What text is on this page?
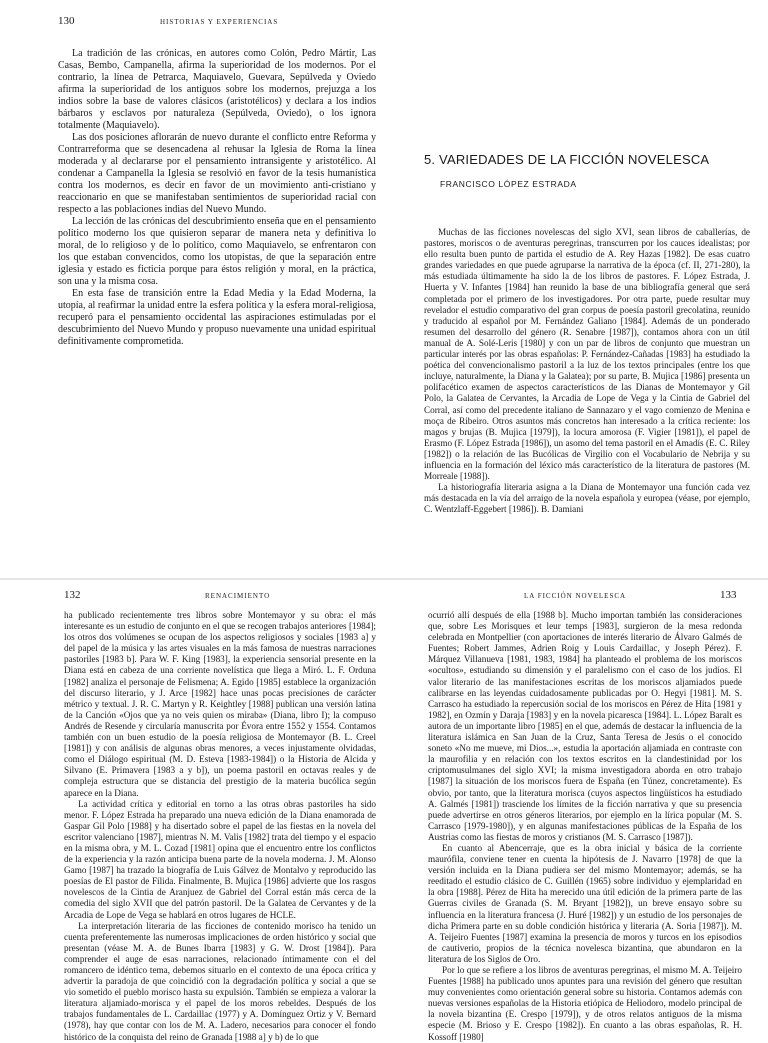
130	HISTORIAS Y EXPERIENCIAS

La tradición de las crónicas, en autores como Colón, Pedro Mártir, Las Casas, Bembo, Campanella, afirma la superioridad de los modernos. Por el contrario, la línea de Petrarca, Maquiavelo, Guevara, Sepúlveda y Oviedo afirma la superioridad de los antiguos sobre los modernos, prejuzga a los indios sobre la base de valores clásicos (aristotélicos) y declara a los indios bárbaros y esclavos por naturaleza (Sepúlveda, Oviedo), o los ignora totalmente (Maquiavelo).

Las dos posiciones aflorarán de nuevo durante el conflicto entre Reforma y Contrarreforma que se desencadena al rehusar la Iglesia de Roma la línea moderada y al declararse por el pensamiento intransigente y aristotélico. Al condenar a Campanella la Iglesia se resolvió en favor de la tesis humanística contra los modernos, es decir en favor de un movimiento anti-cristiano y reaccionario en que se manifestaban sentimientos de superioridad racial con respecto a las poblaciones indias del Nuevo Mundo.

La lección de las crónicas del descubrimiento enseña que en el pensamiento político moderno los que quisieron separar de manera neta y definitiva lo moral, de lo religioso y de lo político, como Maquiavelo, se enfrentaron con los que estaban convencidos, como los utopistas, de que la separación entre iglesia y estado es ficticia porque para éstos religión y moral, en la práctica, son una y la misma cosa.

En esta fase de transición entre la Edad Media y la Edad Moderna, la utopía, al reafirmar la unidad entre la esfera política y la esfera moral-religiosa, recuperó para el pensamiento occidental las aspiraciones estimuladas por el descubrimiento del Nuevo Mundo y propuso nuevamente una unidad espiritual definitivamente comprometida.

5. VARIEDADES DE LA FICCIÓN NOVELESCA
FRANCISCO LÓPEZ ESTRADA

Muchas de las ficciones novelescas del siglo XVI, sean libros de caballerías, de pastores, moriscos o de aventuras peregrinas, transcurren por los cauces idealistas; por ello resulta buen punto de partida el estudio de A. Rey Hazas [1982]. De esas cuatro grandes variedades en que puede agruparse la narrativa de la época (cf. II, 271-280), la más estudiada últimamente ha sido la de los libros de pastores. F. López Estrada, J. Huerta y V. Infantes [1984] han reunido la base de una bibliografía general que será completada por el primero de los investigadores. Por otra parte, puede resultar muy revelador el estudio comparativo del gran corpus de poesía pastoril grecolatina, reunido y traducido al español por M. Fernández Galiano [1984]. Además de un ponderado resumen del desarrollo del género (R. Senabre [1987]), contamos ahora con un útil manual de A. Solé-Leris [1980] y con un par de libros de conjunto que muestran un particular interés por las obras españolas: P. Fernández-Cañadas [1983] ha estudiado la poética del convencionalismo pastoril a la luz de los textos principales (entre los que incluye, naturalmente, la Diana y la Galatea); por su parte, B. Mujica [1986] presenta un polifacético examen de aspectos característicos de las Dianas de Montemayor y Gil Polo, la Galatea de Cervantes, la Arcadia de Lope de Vega y la Cintia de Gabriel del Corral, así como del precedente italiano de Sannazaro y el vago comienzo de Menina e moça de Ribeiro. Otros asuntos más concretos han interesado a la crítica reciente: los magos y brujas (B. Mujica [1979]), la locura amorosa (F. Vigier [1981]), el papel de Erasmo (F. López Estrada [1986]), un asomo del tema pastoril en el Amadís (E. C. Riley [1982]) o la relación de las Bucólicas de Virgilio con el Vocabulario de Nebrija y su influencia en la formación del léxico más característico de la literatura de pastores (M. Morreale [1988]).

La historiografía literaria asigna a la Diana de Montemayor una función cada vez más destacada en la vía del arraigo de la novela española y europea (véase, por ejemplo, C. Wentzlaff-Eggebert [1986]). B. Damiani

132	RENACIMIENTO

ha publicado recientemente tres libros sobre Montemayor y su obra: el más interesante es un estudio de conjunto en el que se recogen trabajos anteriores [1984]; los otros dos volúmenes se ocupan de los aspectos religiosos y sociales [1983 a] y del papel de la música y las artes visuales en la más famosa de nuestras narraciones pastoriles [1983 b]. Para W. F. King [1983], la experiencia sensorial presente en la Diana está en cabeza de una corriente novelística que llega a Miró. L. F. Orduna [1982] analiza el personaje de Felismena; A. Egido [1985] establece la organización del discurso literario, y J. Arce [1982] hace unas pocas precisiones de carácter métrico y textual. J. R. C. Martyn y R. Keightley [1988] publican una versión latina de la Canción «Ojos que ya no veis quien os miraba» (Diana, libro I); la compuso Andrés de Resende y circularía manuscrita por Évora entre 1552 y 1554. Contamos también con un buen estudio de la poesía religiosa de Montemayor (B. L. Creel [1981]) y con análisis de algunas obras menores, a veces injustamente olvidadas, como el Diálogo espiritual (M. D. Esteva [1983-1984]) o la Historia de Alcida y Silvano (E. Primavera [1983 a y b]), un poema pastoril en octavas reales y de compleja estructura que se distancia del prestigio de la materia bucólica según aparece en la Diana.

La actividad crítica y editorial en torno a las otras obras pastoriles ha sido menor. F. López Estrada ha preparado una nueva edición de la Diana enamorada de Gaspar Gil Polo [1988] y ha disertado sobre el papel de las fiestas en la novela del escritor valenciano [1987], mientras N. M. Valis [1982] trata del tiempo y el espacio en la misma obra, y M. L. Cozad [1981] opina que el encuentro entre los conflictos de la experiencia y la razón anticipa buena parte de la novela moderna. J. M. Alonso Gamo [1987] ha trazado la biografía de Luis Gálvez de Montalvo y reproducido las poesías de El pastor de Fílida. Finalmente, B. Mujica [1986] advierte que los rasgos novelescos de la Cintia de Aranjuez de Gabriel del Corral están más cerca de la comedia del siglo XVII que del patrón pastoril. De la Galatea de Cervantes y de la Arcadia de Lope de Vega se hablará en otros lugares de HCLE.

La interpretación literaria de las ficciones de contenido morisco ha tenido un cuenta preferentemente las numerosas implicaciones de orden histórico y social que presentan (véase M. A. de Bunes Ibarra [1983] y G. W. Drost [1984]). Para comprender el auge de esas narraciones, relacionado íntimamente con el del romancero de idéntico tema, debemos situarlo en el contexto de una época crítica y advertir la paradoja de que coincidió con la degradación política y social a que se vio sometido el pueblo morisco hasta su expulsión. También se empieza a valorar la literatura aljamiado-morisca y el papel de los moros rebeldes. Después de los trabajos fundamentales de L. Cardaillac (1977) y A. Domínguez Ortiz y V. Bernard (1978), hay que contar con los de M. A. Ladero, necesarios para conocer el fondo histórico de la conquista del reino de Granada [1988 a] y b) de lo que

LA FICCIÓN NOVELESCA	133

ocurrió allí después de ella [1988 b]. Mucho importan también las consideraciones que, sobre Les Morisques et leur temps [1983], surgieron de la mesa redonda celebrada en Montpellier (con aportaciones de interés literario de Álvaro Galmés de Fuentes; Robert Jammes, Adrien Roig y Louis Cardaillac, y Joseph Pérez). F. Márquez Villanueva [1981, 1983, 1984] ha planteado el problema de los moriscos «ocultos», estudiando su dimensión y el paralelismo con el caso de los judíos. El valor literario de las manifestaciones escritas de los moriscos aljamiados puede calibrarse en las leyendas cuidadosamente publicadas por O. Hegyi [1981]. M. S. Carrasco ha estudiado la repercusión social de los moriscos en Pérez de Hita [1981 y 1982], en Ozmín y Daraja [1983] y en la novela picaresca [1984]. L. López Baralt es autora de un importante libro [1985] en el que, además de destacar la influencia de la literatura islámica en San Juan de la Cruz, Santa Teresa de Jesús o el conocido soneto «No me mueve, mi Dios...», estudia la aportación aljamiada en contraste con la maurofilia y en relación con los textos escritos en la clandestinidad por los criptomusulmanes del siglo XVI; la misma investigadora aborda en otro trabajo [1987] la situación de los moriscos fuera de España (en Túnez, concretamente). Es obvio, por tanto, que la literatura morisca (cuyos aspectos lingüísticos ha estudiado A. Galmés [1981]) trasciende los límites de la ficción narrativa y que su presencia puede advertirse en otros géneros literarios, por ejemplo en la lírica popular (M. S. Carrasco [1979-1980]), y en algunas manifestaciones públicas de la España de los Austrias como las fiestas de moros y cristianos (M. S. Carrasco [1987]).

En cuanto al Abencerraje, que es la obra inicial y básica de la corriente maurófila, conviene tener en cuenta la hipótesis de J. Navarro [1978] de que la versión incluida en la Diana pudiera ser del mismo Montemayor; además, se ha reeditado el estudio clásico de C. Guillén (1965) sobre individuo y ejemplaridad en la obra [1988]. Pérez de Hita ha merecido una útil edición de la primera parte de las Guerras civiles de Granada (S. M. Bryant [1982]), un breve ensayo sobre su influencia en la literatura francesa (J. Huré [1982]) y un estudio de los personajes de dicha Primera parte en su doble condición histórica y literaria (A. Soria [1987]). M. A. Teijeiro Fuentes [1987] examina la presencia de moros y turcos en los episodios de cautiverio, propios de la técnica novelesca bizantina, que abundaron en la literatura de los Siglos de Oro.

Por lo que se refiere a los libros de aventuras peregrinas, el mismo M. A. Teijeiro Fuentes [1988] ha publicado unos apuntes para una revisión del género que resultan muy convenientes como orientación general sobre su historia. Contamos además con nuevas versiones españolas de la Historia etiópica de Heliodoro, modelo principal de la novela bizantina (E. Crespo [1979]), y de otros relatos antiguos de la misma especie (M. Brioso y E. Crespo [1982]). En cuanto a las obras españolas, R. H. Kossoff [1980]
